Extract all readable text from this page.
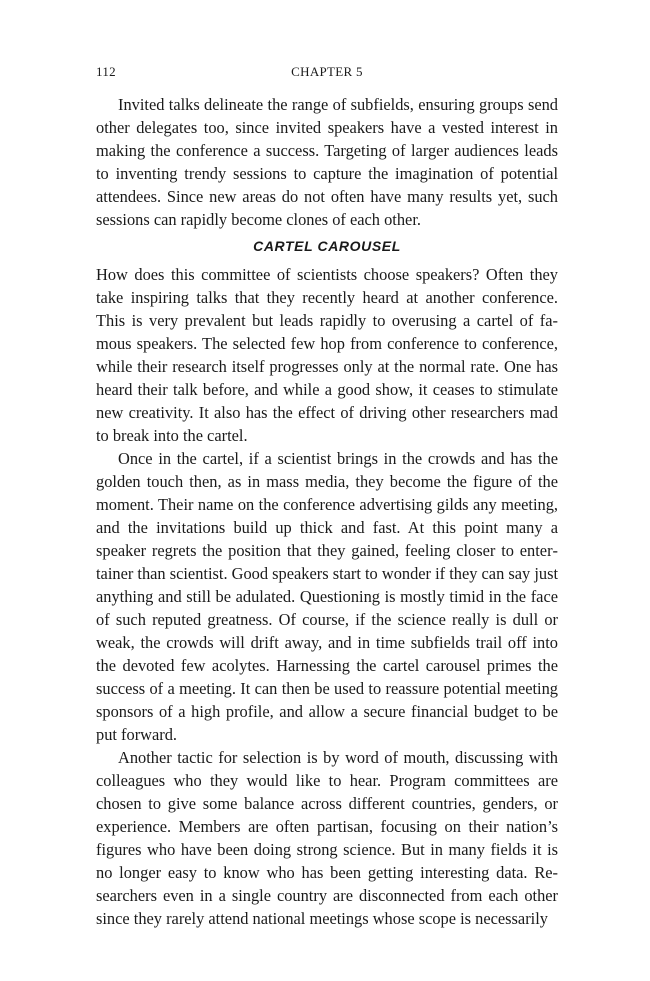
112	CHAPTER 5

Invited talks delineate the range of subfields, ensuring groups send other delegates too, since invited speakers have a vested interest in making the conference a success. Targeting of larger audiences leads to inventing trendy sessions to capture the imagination of potential attendees. Since new areas do not often have many results yet, such sessions can rapidly become clones of each other.

CARTEL CAROUSEL

How does this committee of scientists choose speakers? Often they take inspiring talks that they recently heard at another conference. This is very prevalent but leads rapidly to overusing a cartel of famous speakers. The selected few hop from conference to conference, while their research itself progresses only at the normal rate. One has heard their talk before, and while a good show, it ceases to stimulate new creativity. It also has the effect of driving other researchers mad to break into the cartel.

Once in the cartel, if a scientist brings in the crowds and has the golden touch then, as in mass media, they become the figure of the moment. Their name on the conference advertising gilds any meeting, and the invitations build up thick and fast. At this point many a speaker regrets the position that they gained, feeling closer to entertainer than scientist. Good speakers start to wonder if they can say just anything and still be adulated. Questioning is mostly timid in the face of such reputed greatness. Of course, if the science really is dull or weak, the crowds will drift away, and in time subfields trail off into the devoted few acolytes. Harnessing the cartel carousel primes the success of a meeting. It can then be used to reassure potential meeting sponsors of a high profile, and allow a secure financial budget to be put forward.

Another tactic for selection is by word of mouth, discussing with colleagues who they would like to hear. Program committees are chosen to give some balance across different countries, genders, or experience. Members are often partisan, focusing on their nation’s figures who have been doing strong science. But in many fields it is no longer easy to know who has been getting interesting data. Researchers even in a single country are disconnected from each other since they rarely attend national meetings whose scope is necessarily
